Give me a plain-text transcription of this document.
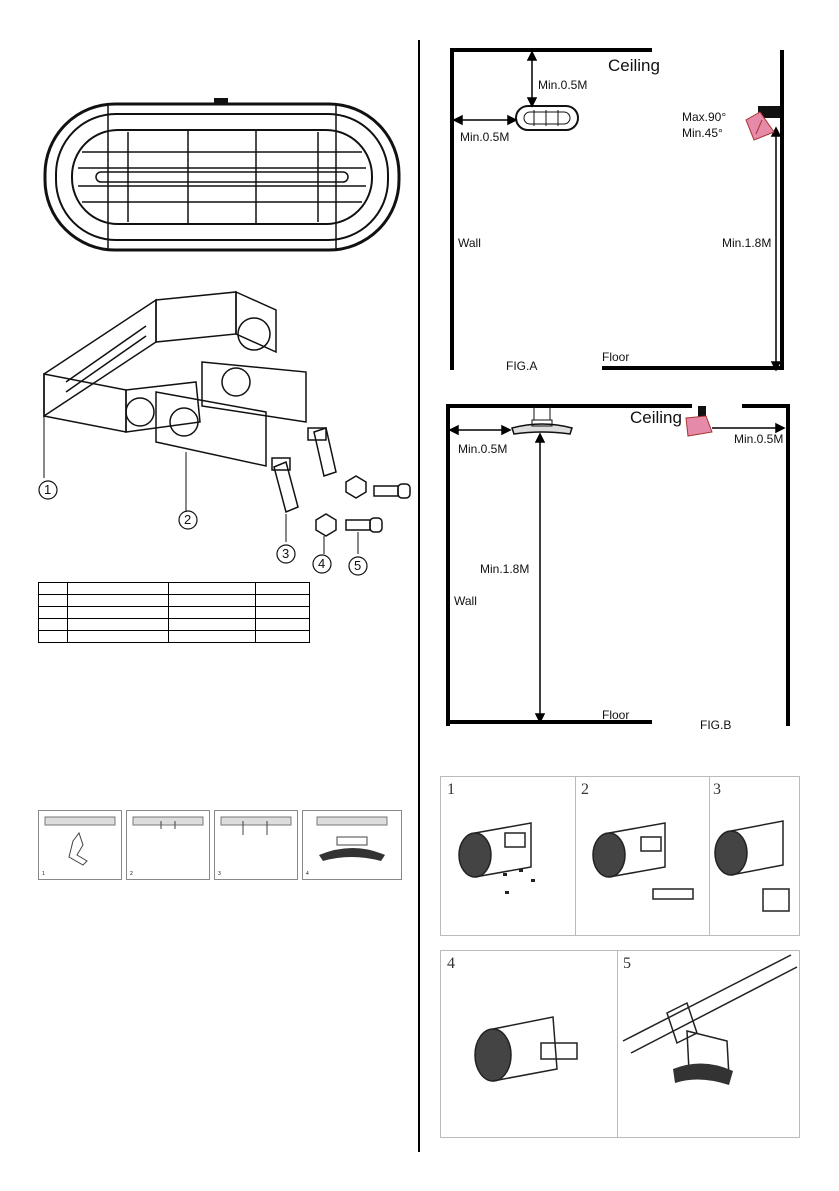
1
2
3
4 5

1	2	3	4
Ceiling
Min.0.5M
Min.0.5M
Max.90°
Min.45°
Wall	Min.1.8M
Floor
FIG.A
Ceiling
Min.0.5M
Min.0.5M
Min.1.8M
Wall
Floor
FIG.B
1	2	3
4	5
